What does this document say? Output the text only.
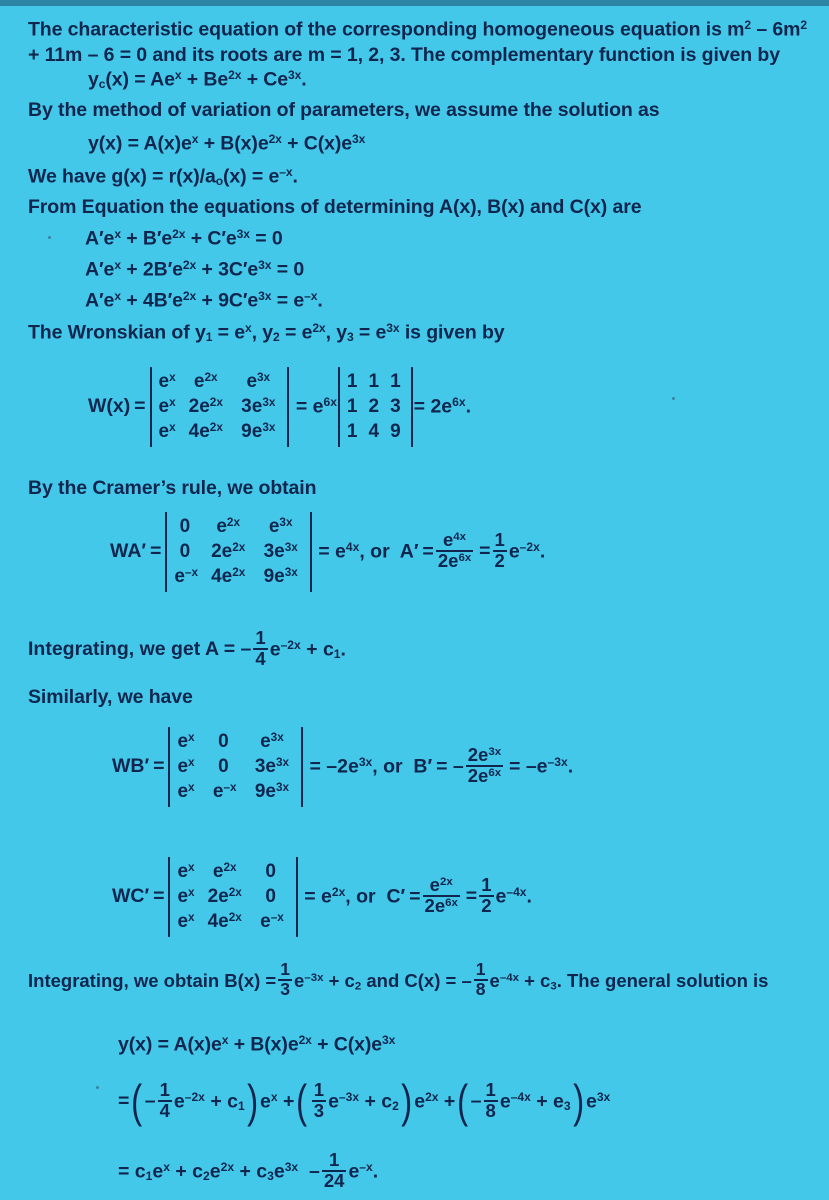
The characteristic equation of the corresponding homogeneous equation is $m^2 - 6m^2 + 11m - 6 = 0$ and its roots are m = 1, 2, 3. The complementary function is given by
$y_c(x) = Ae^x + Be^{2x} + Ce^{3x}$.
By the method of variation of parameters, we assume the solution as
$y(x) = A(x)e^x + B(x)e^{2x} + C(x)e^{3x}$
We have $g(x) = r(x)/a_o(x) = e^{-x}$.
From Equation the equations of determining A(x), B(x) and C(x) are
$A'e^x + B'e^{2x} + C'e^{3x} = 0$
$A'e^x + 2B'e^{2x} + 3C'e^{3x} = 0$
$A'e^x + 4B'e^{2x} + 9C'e^{3x} = e^{-x}$.
The Wronskian of $y_1 = e^x$, $y_2 = e^{2x}$, $y_3 = e^{3x}$ is given by
W(x) =
$e^x$	$e^{2x}$	$e^{3x}$
$e^x$	$2e^{2x}$	$3e^{3x}$
$e^x$	$4e^{2x}$	$9e^{3x}$
= $e^{6x}$
1	1	1
1	2	3
1	4	9
= $2e^{6x}$.
By the Cramer’s rule, we obtain
WA′ =
0	$e^{2x}$	$e^{3x}$
0	$2e^{2x}$	$3e^{3x}$
$e^{-x}$	$4e^{2x}$	$9e^{3x}$
= $e^{4x}$, or  $A' = \frac{e^{4x}}{2e^{6x}} = \frac{1}{2} e^{-2x}$.
Integrating, we get A = – $\frac{1}{4} e^{-2x} + c_1$.
Similarly, we have
WB′ =
$e^x$	0	$e^{3x}$
$e^x$	0	$3e^{3x}$
$e^x$	$e^{-x}$	$9e^{3x}$
= $-2e^{3x}$, or  B′ = – $\frac{2e^{3x}}{2e^{6x}} = -e^{-3x}$.
WC′ =
$e^x$	$e^{2x}$	0
$e^x$	$2e^{2x}$	0
$e^x$	$4e^{2x}$	$e^{-x}$
= $e^{2x}$, or  $C' = \frac{e^{2x}}{2e^{6x}} = \frac{1}{2} e^{-4x}$.
Integrating, we obtain $B(x) = \frac{1}{3} e^{-3x} + c_2$ and C(x) = – $\frac{1}{8} e^{-4x} + c_3$. The general solution is
$y(x) = A(x)e^x + B(x)e^{2x} + C(x)e^{3x}$
= ( – $\frac{1}{4} e^{-2x} + c_1$ ) $e^x$ + ( $\frac{1}{3} e^{-3x} + c_2$ ) $e^{2x}$ + ( – $\frac{1}{8} e^{-4x} + e_3$ ) $e^{3x}$
= $c_1e^x + c_2e^{2x} + c_3e^{3x} - \frac{1}{24} e^{-x}$.
